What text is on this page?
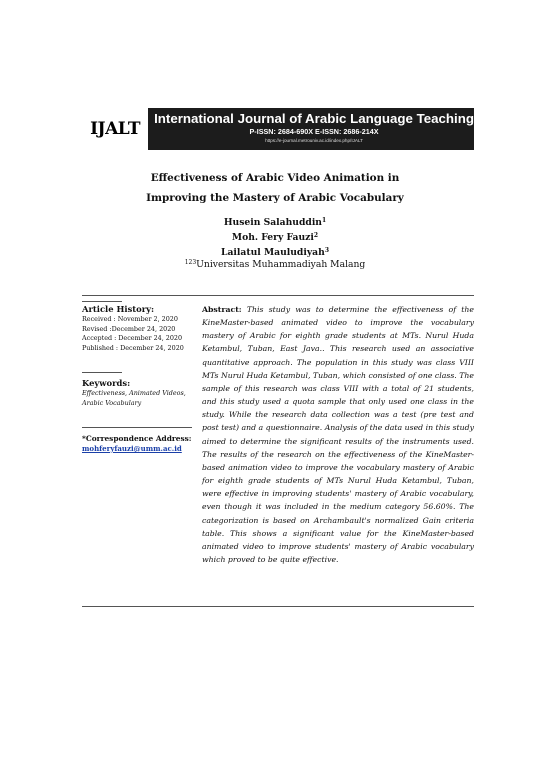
IJALT
International Journal of Arabic Language Teaching
P-ISSN: 2684-690X E-ISSN: 2686-214X
https://e-journal.metrouniv.ac.id/index.php/IJALT
Effectiveness of Arabic Video Animation in
Improving the Mastery of Arabic Vocabulary
Husein Salahuddin$^1$
Moh. Fery Fauzi$^2$
Lailatul Mauludiyah$^3$
$^{123}$Universitas Muhammadiyah Malang
Article History:
Received : November 2, 2020
Revised :December 24, 2020
Accepted : December 24, 2020
Published : December 24, 2020
Keywords:
Effectiveness, Animated Videos,
Arabic Vocabulary
*Correspondence Address:
mohferyfauzi@umm.ac.id
Abstract: This study was to determine the effectiveness of the KineMaster-based animated video to improve the vocabulary mastery of Arabic for eighth grade students at MTs. Nurul Huda Ketambul, Tuban, East Java.. This research used an associative quantitative approach. The population in this study was class VIII MTs Nurul Huda Ketambul, Tuban, which consisted of one class. The sample of this research was class VIII with a total of 21 students, and this study used a quota sample that only used one class in the study. While the research data collection was a test (pre test and post test) and a questionnaire. Analysis of the data used in this study aimed to determine the significant results of the instruments used. The results of the research on the effectiveness of the KineMaster-based animation video to improve the vocabulary mastery of Arabic for eighth grade students of MTs Nurul Huda Ketambul, Tuban, were effective in improving students' mastery of Arabic vocabulary, even though it was included in the medium category 56.60%. The categorization is based on Archambault's normalized Gain criteria table. This shows a significant value for the KineMaster-based animated video to improve students' mastery of Arabic vocabulary which proved to be quite effective.
